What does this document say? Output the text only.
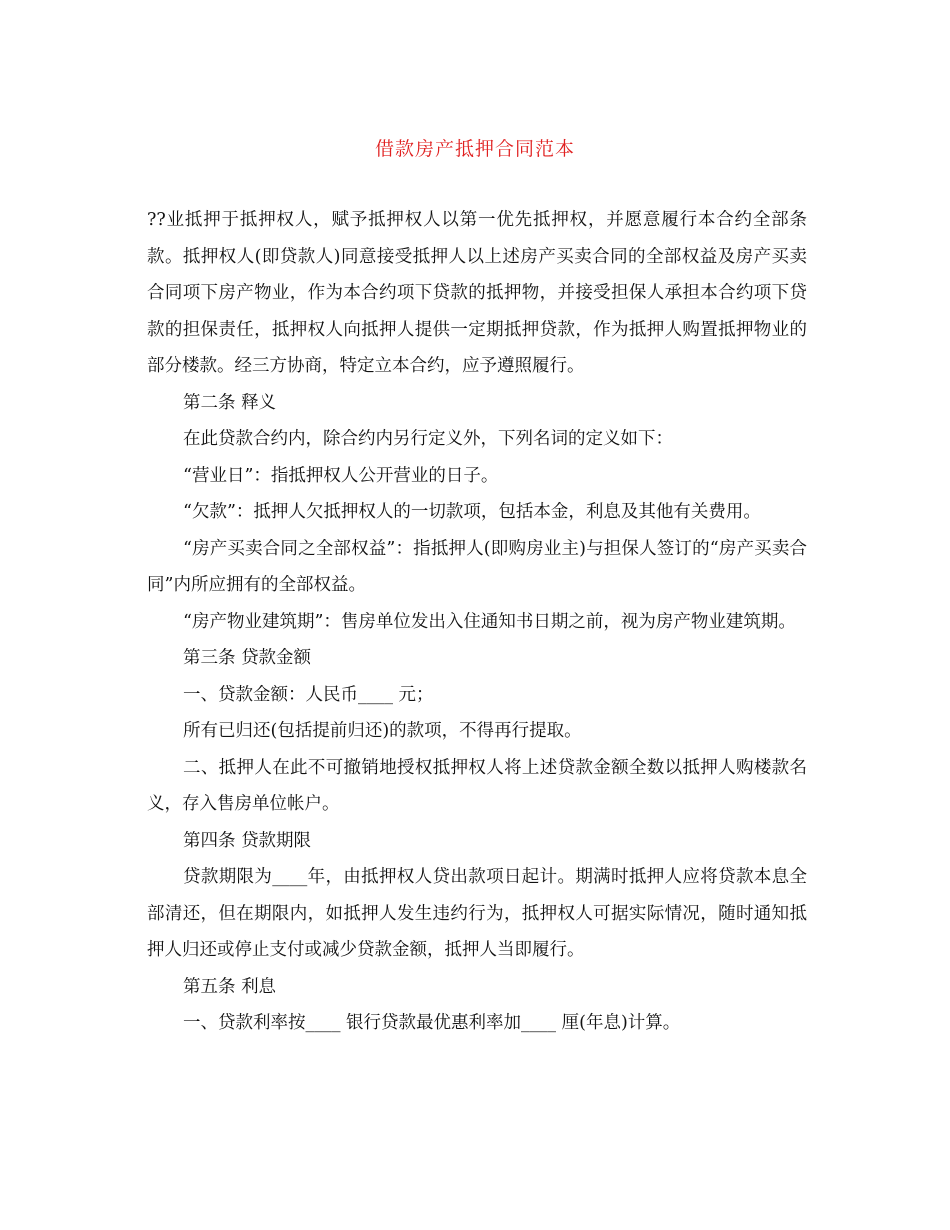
借款房产抵押合同范本

??业抵押于抵押权人，赋予抵押权人以第一优先抵押权，并愿意履行本合约全部条款。抵押权人(即贷款人)同意接受抵押人以上述房产买卖合同的全部权益及房产买卖合同项下房产物业，作为本合约项下贷款的抵押物，并接受担保人承担本合约项下贷款的担保责任，抵押权人向抵押人提供一定期抵押贷款，作为抵押人购置抵押物业的部分楼款。经三方协商，特定立本合约，应予遵照履行。

第二条 释义

在此贷款合约内，除合约内另行定义外，下列名词的定义如下：

“营业日”：指抵押权人公开营业的日子。

“欠款”：抵押人欠抵押权人的一切款项，包括本金，利息及其他有关费用。

“房产买卖合同之全部权益”：指抵押人(即购房业主)与担保人签订的“房产买卖合同”内所应拥有的全部权益。

“房产物业建筑期”：售房单位发出入住通知书日期之前，视为房产物业建筑期。

第三条 贷款金额

一、贷款金额：人民币____ 元；

所有已归还(包括提前归还)的款项，不得再行提取。

二、抵押人在此不可撤销地授权抵押权人将上述贷款金额全数以抵押人购楼款名义，存入售房单位帐户。

第四条 贷款期限

贷款期限为____年，由抵押权人贷出款项日起计。期满时抵押人应将贷款本息全部清还，但在期限内，如抵押人发生违约行为，抵押权人可据实际情况，随时通知抵押人归还或停止支付或减少贷款金额，抵押人当即履行。

第五条 利息

一、贷款利率按____ 银行贷款最优惠利率加____ 厘(年息)计算。
